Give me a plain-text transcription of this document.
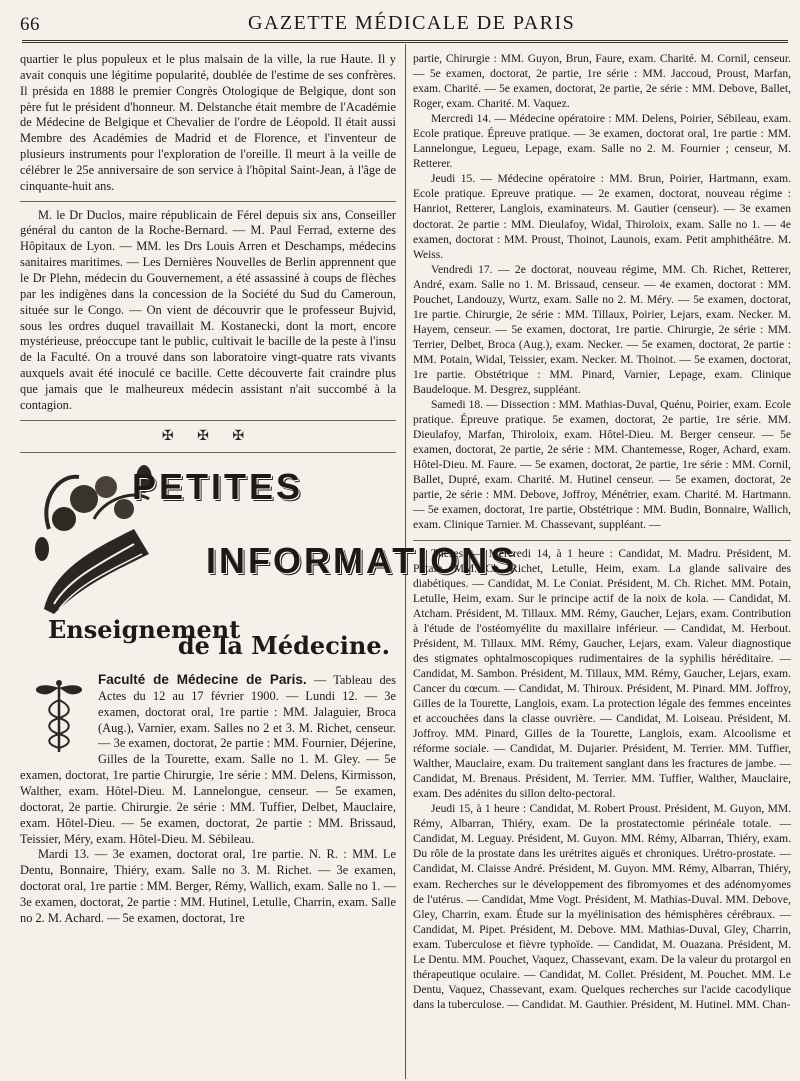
66	GAZETTE MÉDICALE DE PARIS

quartier le plus populeux et le plus malsain de la ville, la rue Haute. Il y avait conquis une légitime popularité, doublée de l'estime de ses confrères. Il présida en 1888 le premier Congrès Otologique de Belgique, dont son père fut le président d'honneur. M. Delstanche était membre de l'Académie de Médecine de Belgique et Chevalier de l'ordre de Léopold. Il était aussi Membre des Académies de Madrid et de Florence, et l'inventeur de plusieurs instruments pour l'exploration de l'oreille. Il meurt à la veille de célébrer le 25e anniversaire de son service à l'hôpital Saint-Jean, à l'âge de cinquante-huit ans.

M. le Dr Duclos, maire républicain de Férel depuis six ans, Conseiller général du canton de la Roche-Bernard. — M. Paul Ferrad, externe des Hôpitaux de Lyon. — MM. les Drs Louis Arren et Deschamps, médecins sanitaires maritimes. — Les Dernières Nouvelles de Berlin apprennent que le Dr Plehn, médecin du Gouvernement, a été assassiné à coups de flèches par les indigènes dans la concession de la Société du Sud du Cameroun, située sur le Congo. — On vient de découvrir que le professeur Bujvid, sous les ordres duquel travaillait M. Kostanecki, dont la mort, encore mystérieuse, préoccupe tant le public, cultivait le bacille de la peste à l'insu de la Faculté. On a trouvé dans son laboratoire vingt-quatre rats vivants auxquels avait été inoculé ce bacille. Cette découverte fait craindre plus que jamais que le malheureux médecin assistant n'ait succombé à la contagion.

✠ ✠ ✠
PETITES
INFORMATIONS

Enseignement

de la Médecine.

Faculté de Médecine de Paris. — Tableau des Actes du 12 au 17 février 1900. — Lundi 12. — 3e examen, doctorat oral, 1re partie : MM. Jalaguier, Broca (Aug.), Varnier, exam. Salles no 2 et 3. M. Richet, censeur. — 3e examen, doctorat, 2e partie : MM. Fournier, Déjerine, Gilles de la Tourette, exam. Salle no 1. M. Gley. — 5e examen, doctorat, 1re partie Chirurgie, 1re série : MM. Delens, Kirmisson, Walther, exam. Hôtel-Dieu. M. Lannelongue, censeur. — 5e examen, doctorat, 2e partie. Chirurgie. 2e série : MM. Tuffier, Delbet, Mauclaire, exam. Hôtel-Dieu. — 5e examen, doctorat, 2e partie : MM. Brissaud, Teissier, Méry, exam. Hôtel-Dieu. M. Sébileau.

Mardi 13. — 3e examen, doctorat oral, 1re partie. N. R. : MM. Le Dentu, Bonnaire, Thiéry, exam. Salle no 3. M. Richet. — 3e examen, doctorat oral, 1re partie : MM. Berger, Rémy, Wallich, exam. Salle no 1. — 3e examen, doctorat, 2e partie : MM. Hutinel, Letulle, Charrin, exam. Salle no 2. M. Achard. — 5e examen, doctorat, 1re

partie, Chirurgie : MM. Guyon, Brun, Faure, exam. Charité. M. Cornil, censeur. — 5e examen, doctorat, 2e partie, 1re série : MM. Jaccoud, Proust, Marfan, exam. Charité. — 5e examen, doctorat, 2e partie, 2e série : MM. Debove, Ballet, Roger, exam. Charité. M. Vaquez.

Mercredi 14. — Médecine opératoire : MM. Delens, Poirier, Sébileau, exam. Ecole pratique. Épreuve pratique. — 3e examen, doctorat oral, 1re partie : MM. Lannelongue, Legueu, Lepage, exam. Salle no 2. M. Fournier ; censeur, M. Retterer.

Jeudi 15. — Médecine opératoire : MM. Brun, Poirier, Hartmann, exam. Ecole pratique. Epreuve pratique. — 2e examen, doctorat, nouveau régime : Hanriot, Retterer, Langlois, examinateurs. M. Gautier (censeur). — 3e examen doctorat. 2e partie : MM. Dieulafoy, Widal, Thiroloix, exam. Salle no 1. — 4e examen, doctorat : MM. Proust, Thoinot, Launois, exam. Petit amphithéâtre. M. Weiss.

Vendredi 17. — 2e doctorat, nouveau régime, MM. Ch. Richet, Retterer, André, exam. Salle no 1. M. Brissaud, censeur. — 4e examen, doctorat : MM. Pouchet, Landouzy, Wurtz, exam. Salle no 2. M. Méry. — 5e examen, doctorat, 1re partie. Chirurgie, 2e série : MM. Tillaux, Poirier, Lejars, exam. Necker. M. Hayem, censeur. — 5e examen, doctorat, 1re partie. Chirurgie, 2e série : MM. Terrier, Delbet, Broca (Aug.), exam. Necker. — 5e examen, doctorat, 2e partie : MM. Potain, Widal, Teissier, exam. Necker. M. Thoinot. — 5e examen, doctorat, 1re partie. Obstétrique : MM. Pinard, Varnier, Lepage, exam. Clinique Baudeloque. M. Desgrez, suppléant.

Samedi 18. — Dissection : MM. Mathias-Duval, Quénu, Poirier, exam. Ecole pratique. Épreuve pratique. 5e examen, doctorat, 2e partie, 1re série. MM. Dieulafoy, Marfan, Thiroloix, exam. Hôtel-Dieu. M. Berger censeur. — 5e examen, doctorat, 2e partie, 2e série : MM. Chantemesse, Roger, Achard, exam. Hôtel-Dieu. M. Faure. — 5e examen, doctorat, 2e partie, 1re série : MM. Cornil, Ballet, Dupré, exam. Charité. M. Hutinel censeur. — 5e examen, doctorat, 2e partie, 2e série : MM. Debove, Joffroy, Ménétrier, exam. Charité. M. Hartmann. — 5e examen, doctorat, 1re partie, Obstétrique : MM. Budin, Bonnaire, Wallich, exam. Clinique Tarnier. M. Chassevant, suppléant. —

Thèses. — Mercredi 14, à 1 heure : Candidat, M. Madru. Président, M. Potain. MM. Ch. Richet, Letulle, Heim, exam. La glande salivaire des diabétiques. — Candidat, M. Le Coniat. Président, M. Ch. Richet. MM. Potain, Letulle, Heim, exam. Sur le principe actif de la noix de kola. — Candidat, M. Atcham. Président, M. Tillaux. MM. Rémy, Gaucher, Lejars, exam. Contribution à l'étude de l'ostéomyélite du maxillaire inférieur. — Candidat, M. Herbout. Président, M. Tillaux. MM. Rémy, Gaucher, Lejars, exam. Valeur diagnostique des stigmates ophtalmoscopiques rudimentaires de la syphilis héréditaire. — Candidat, M. Sambon. Président, M. Tillaux, MM. Rémy, Gaucher, Lejars, exam. Cancer du cœcum. — Candidat, M. Thiroux. Président, M. Pinard. MM. Joffroy, Gilles de la Tourette, Langlois, exam. La protection légale des femmes enceintes et accouchées dans la classe ouvrière. — Candidat, M. Loiseau. Président, M. Joffroy. MM. Pinard, Gilles de la Tourette, Langlois, exam. Alcoolisme et réforme sociale. — Candidat, M. Dujarier. Président, M. Terrier. MM. Tuffier, Walther, Mauclaire, exam. Du traitement sanglant dans les fractures de jambe. — Candidat, M. Brenaus. Président, M. Terrier. MM. Tuffier, Walther, Mauclaire, exam. Des adénites du sillon delto-pectoral.

Jeudi 15, à 1 heure : Candidat, M. Robert Proust. Président, M. Guyon, MM. Rémy, Albarran, Thiéry, exam. De la prostatectomie périnéale totale. — Candidat, M. Leguay. Président, M. Guyon. MM. Rémy, Albarran, Thiéry, exam. Du rôle de la prostate dans les urétrites aiguës et chroniques. Urétro-prostate. — Candidat, M. Claisse André. Président, M. Guyon. MM. Rémy, Albarran, Thiéry, exam. Recherches sur le développement des fibromyomes et des adénomyomes de l'utérus. — Candidat, Mme Vogt. Président, M. Mathias-Duval. MM. Debove, Gley, Charrin, exam. Étude sur la myélinisation des hémisphères cérébraux. — Candidat, M. Pipet. Président, M. Debove. MM. Mathias-Duval, Gley, Charrin, exam. Tuberculose et fièvre typhoïde. — Candidat, M. Ouazana. Président, M. Le Dentu. MM. Pouchet, Vaquez, Chassevant, exam. De la valeur du protargol en thérapeutique oculaire. — Candidat, M. Collet. Président, M. Pouchet. MM. Le Dentu, Vaquez, Chassevant, exam. Quelques recherches sur l'acide cacodylique dans la tuberculose. — Candidat. M. Gauthier. Président, M. Hutinel. MM. Chan-
